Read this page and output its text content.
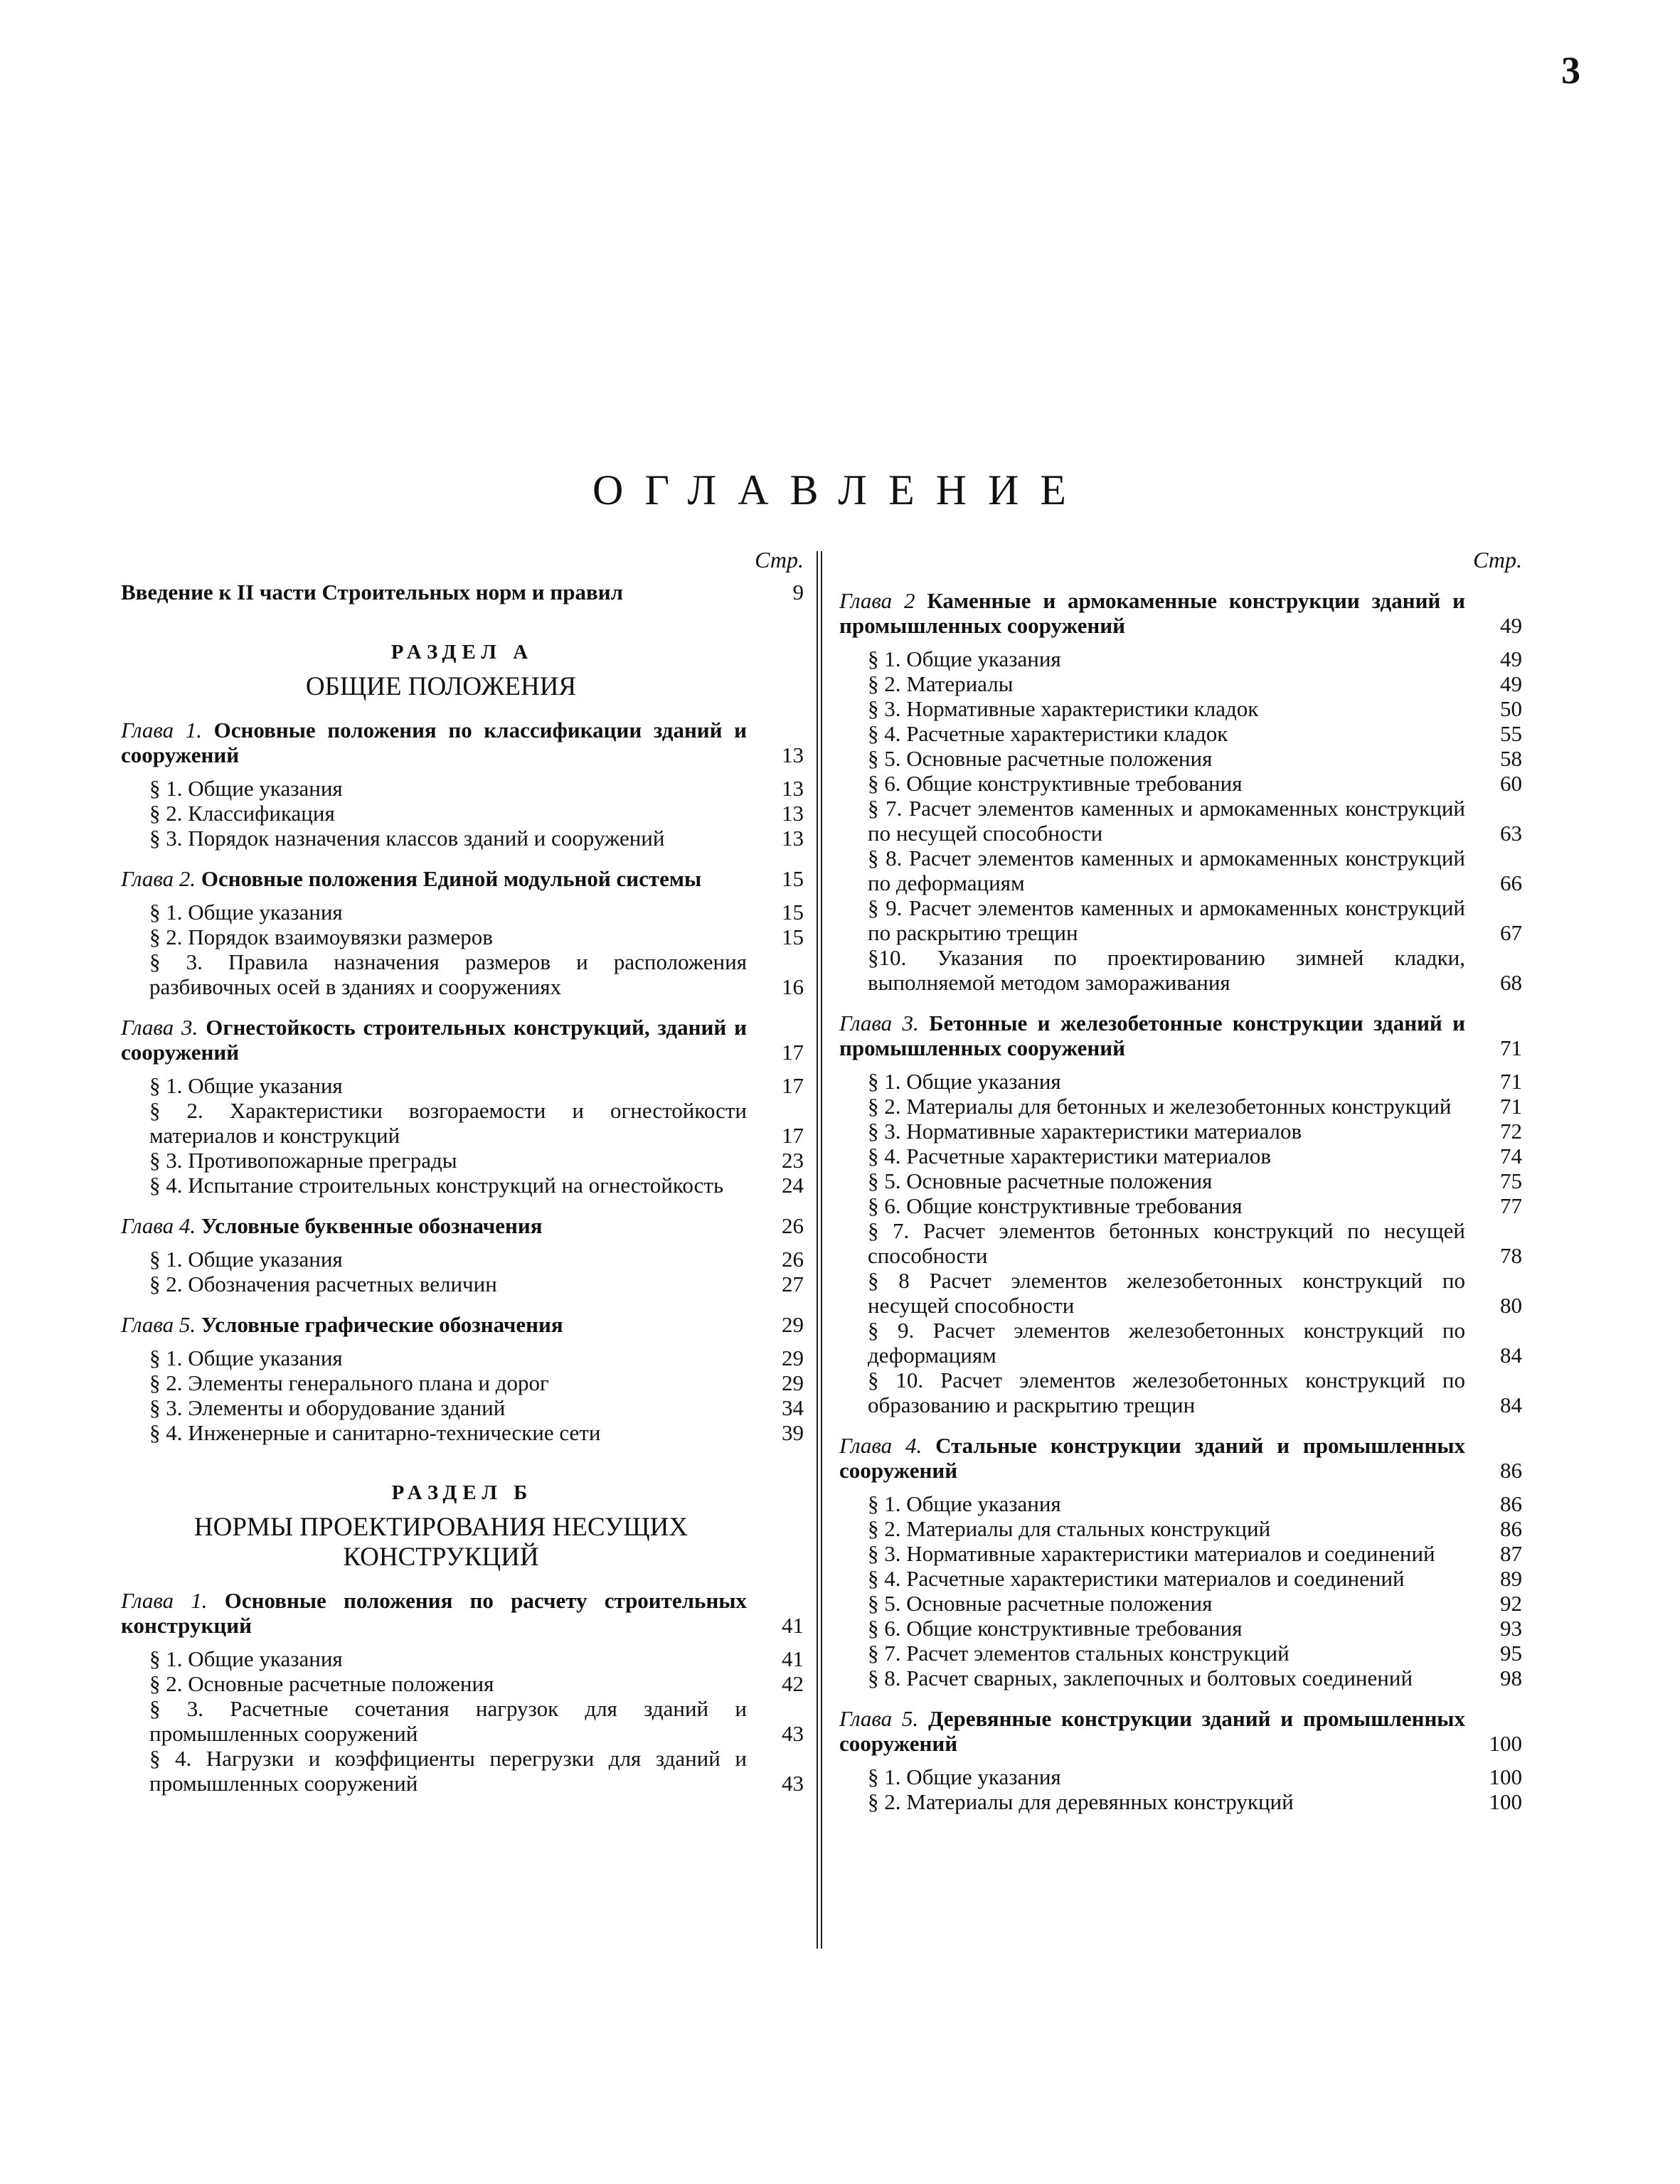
3
ОГЛАВЛЕНИЕ
Стр.
Введение к II части Строительных норм и правил	9
РАЗДЕЛ А
ОБЩИЕ ПОЛОЖЕНИЯ
Глава 1. Основные положения по классификации зданий и сооружений	13
§ 1. Общие указания	13
§ 2. Классификация	13
§ 3. Порядок назначения классов зданий и сооружений	13
Глава 2. Основные положения Единой модульной системы	15
§ 1. Общие указания	15
§ 2. Порядок взаимоувязки размеров	15
§ 3. Правила назначения размеров и расположения разбивочных осей в зданиях и сооружениях	16
Глава 3. Огнестойкость строительных конструкций, зданий и сооружений	17
§ 1. Общие указания	17
§ 2. Характеристики возгораемости и огнестойкости материалов и конструкций	17
§ 3. Противопожарные преграды	23
§ 4. Испытание строительных конструкций на огнестойкость	24
Глава 4. Условные буквенные обозначения	26
§ 1. Общие указания	26
§ 2. Обозначения расчетных величин	27
Глава 5. Условные графические обозначения	29
§ 1. Общие указания	29
§ 2. Элементы генерального плана и дорог	29
§ 3. Элементы и оборудование зданий	34
§ 4. Инженерные и санитарно-технические сети	39
РАЗДЕЛ Б
НОРМЫ ПРОЕКТИРОВАНИЯ НЕСУЩИХ КОНСТРУКЦИЙ
Глава 1. Основные положения по расчету строительных конструкций	41
§ 1. Общие указания	41
§ 2. Основные расчетные положения	42
§ 3. Расчетные сочетания нагрузок для зданий и промышленных сооружений	43
§ 4. Нагрузки и коэффициенты перегрузки для зданий и промышленных сооружений	43
Стр.
Глава 2 Каменные и армокаменные конструкции зданий и промышленных сооружений	49
§ 1. Общие указания	49
§ 2. Материалы	49
§ 3. Нормативные характеристики кладок	50
§ 4. Расчетные характеристики кладок	55
§ 5. Основные расчетные положения	58
§ 6. Общие конструктивные требования	60
§ 7. Расчет элементов каменных и армокаменных конструкций по несущей способности	63
§ 8. Расчет элементов каменных и армокаменных конструкций по деформациям	66
§ 9. Расчет элементов каменных и армокаменных конструкций по раскрытию трещин	67
§10. Указания по проектированию зимней кладки, выполняемой методом замораживания	68
Глава 3. Бетонные и железобетонные конструкции зданий и промышленных сооружений	71
§ 1. Общие указания	71
§ 2. Материалы для бетонных и железобетонных конструкций	71
§ 3. Нормативные характеристики материалов	72
§ 4. Расчетные характеристики материалов	74
§ 5. Основные расчетные положения	75
§ 6. Общие конструктивные требования	77
§ 7. Расчет элементов бетонных конструкций по несущей способности	78
§ 8 Расчет элементов железобетонных конструкций по несущей способности	80
§ 9. Расчет элементов железобетонных конструкций по деформациям	84
§ 10. Расчет элементов железобетонных конструкций по образованию и раскрытию трещин	84
Глава 4. Стальные конструкции зданий и промышленных сооружений	86
§ 1. Общие указания	86
§ 2. Материалы для стальных конструкций	86
§ 3. Нормативные характеристики материалов и соединений	87
§ 4. Расчетные характеристики материалов и соединений	89
§ 5. Основные расчетные положения	92
§ 6. Общие конструктивные требования	93
§ 7. Расчет элементов стальных конструкций	95
§ 8. Расчет сварных, заклепочных и болтовых соединений	98
Глава 5. Деревянные конструкции зданий и промышленных сооружений	100
§ 1. Общие указания	100
§ 2. Материалы для деревянных конструкций	100
